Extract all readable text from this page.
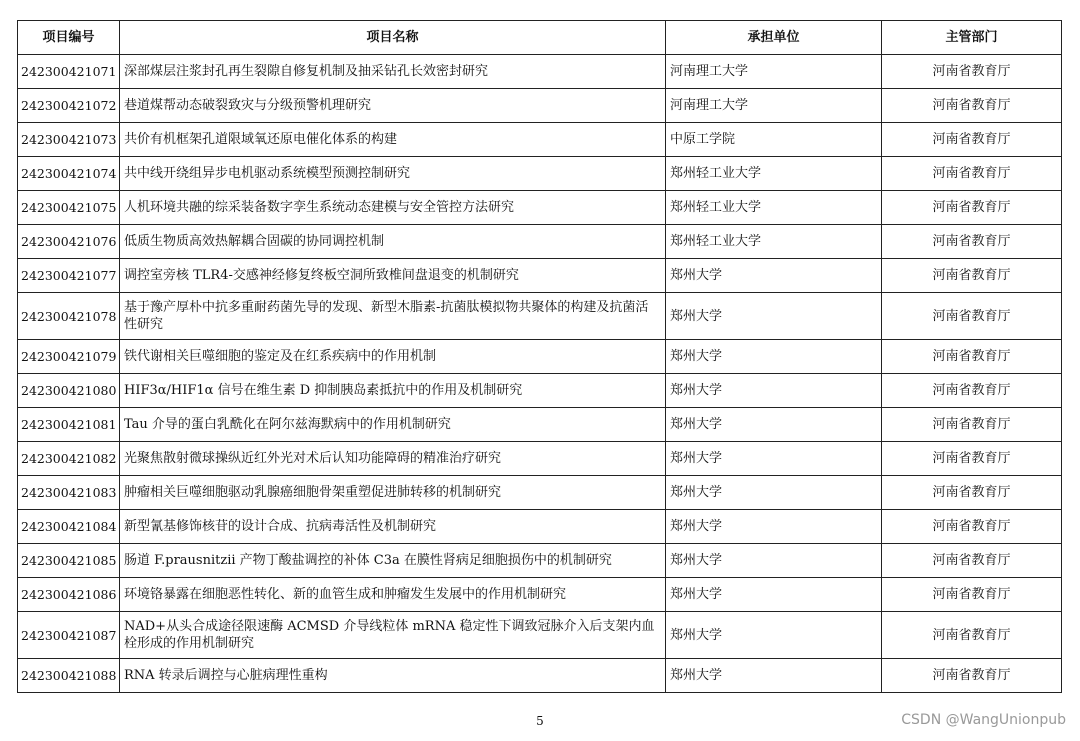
项目编号	项目名称	承担单位	主管部门
242300421071	深部煤层注浆封孔再生裂隙自修复机制及抽采钻孔长效密封研究	河南理工大学	河南省教育厅
242300421072	巷道煤帮动态破裂致灾与分级预警机理研究	河南理工大学	河南省教育厅
242300421073	共价有机框架孔道限域氧还原电催化体系的构建	中原工学院	河南省教育厅
242300421074	共中线开绕组异步电机驱动系统模型预测控制研究	郑州轻工业大学	河南省教育厅
242300421075	人机环境共融的综采装备数字孪生系统动态建模与安全管控方法研究	郑州轻工业大学	河南省教育厅
242300421076	低质生物质高效热解耦合固碳的协同调控机制	郑州轻工业大学	河南省教育厅
242300421077	调控室旁核 TLR4-交感神经修复终板空洞所致椎间盘退变的机制研究	郑州大学	河南省教育厅
242300421078	基于豫产厚朴中抗多重耐药菌先导的发现、新型木脂素-抗菌肽模拟物共聚体的构建及抗菌活性研究	郑州大学	河南省教育厅
242300421079	铁代谢相关巨噬细胞的鉴定及在红系疾病中的作用机制	郑州大学	河南省教育厅
242300421080	HIF3α/HIF1α 信号在维生素 D 抑制胰岛素抵抗中的作用及机制研究	郑州大学	河南省教育厅
242300421081	Tau 介导的蛋白乳酰化在阿尔兹海默病中的作用机制研究	郑州大学	河南省教育厅
242300421082	光聚焦散射微球操纵近红外光对术后认知功能障碍的精准治疗研究	郑州大学	河南省教育厅
242300421083	肿瘤相关巨噬细胞驱动乳腺癌细胞骨架重塑促进肺转移的机制研究	郑州大学	河南省教育厅
242300421084	新型氰基修饰核苷的设计合成、抗病毒活性及机制研究	郑州大学	河南省教育厅
242300421085	肠道 F.prausnitzii 产物丁酸盐调控的补体 C3a 在膜性肾病足细胞损伤中的机制研究	郑州大学	河南省教育厅
242300421086	环境铬暴露在细胞恶性转化、新的血管生成和肿瘤发生发展中的作用机制研究	郑州大学	河南省教育厅
242300421087	NAD+从头合成途径限速酶 ACMSD 介导线粒体 mRNA 稳定性下调致冠脉介入后支架内血栓形成的作用机制研究	郑州大学	河南省教育厅
242300421088	RNA 转录后调控与心脏病理性重构	郑州大学	河南省教育厅
5	CSDN @WangUnionpub
